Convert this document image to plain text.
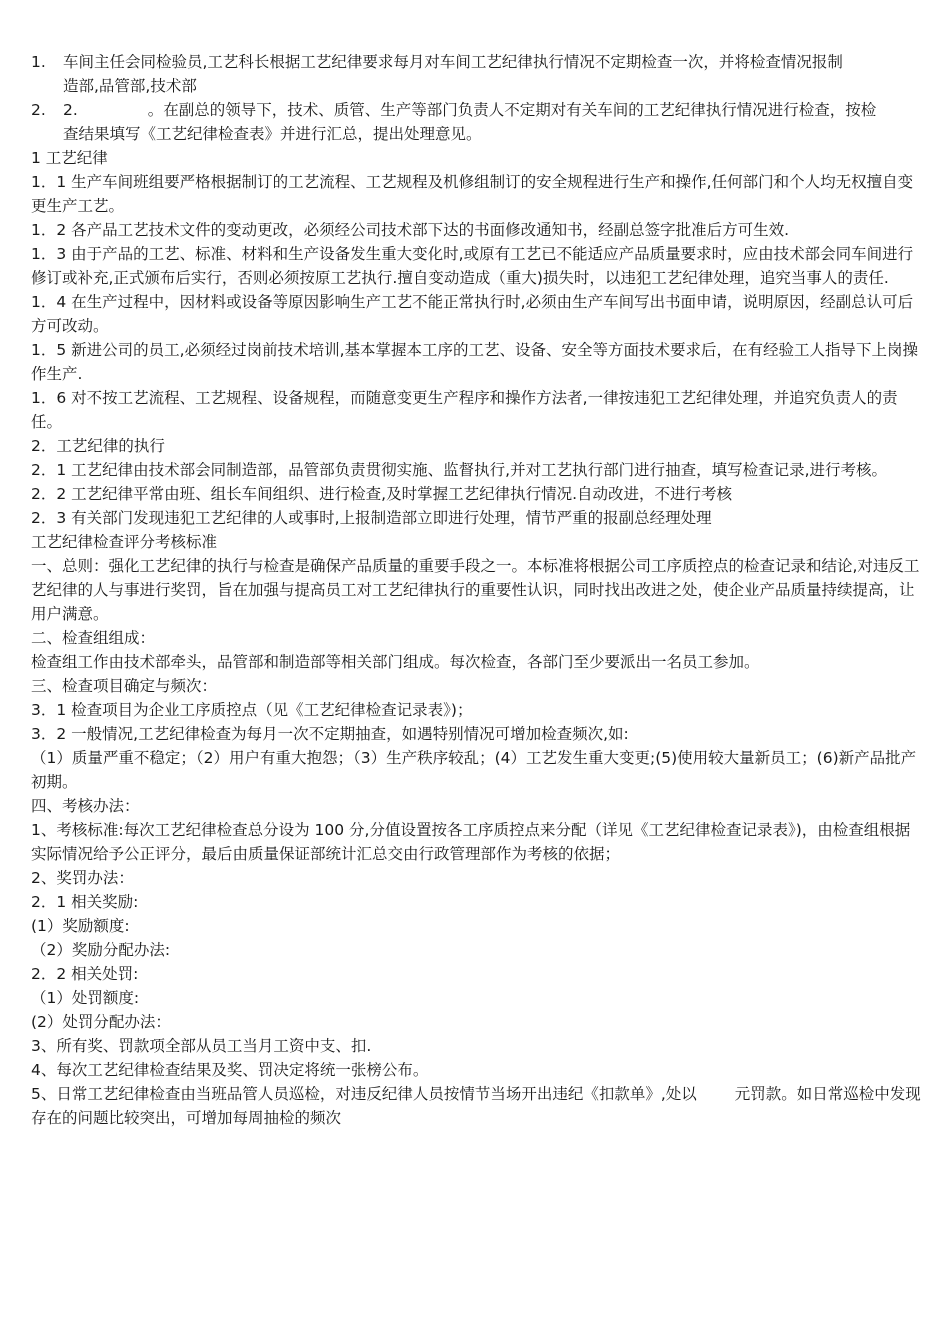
1. 车间主任会同检验员,工艺科长根据工艺纪律要求每月对车间工艺纪律执行情况不定期检查一次，并将检查情况报制
造部,品管部,技术部
2. 2.	。在副总的领导下，技术、质管、生产等部门负责人不定期对有关车间的工艺纪律执行情况进行检查，按检
查结果填写《工艺纪律检查表》并进行汇总，提出处理意见。
1 工艺纪律
1．1 生产车间班组要严格根据制订的工艺流程、工艺规程及机修组制订的安全规程进行生产和操作,任何部门和个人均无权擅自变更生产工艺。
1．2 各产品工艺技术文件的变动更改，必须经公司技术部下达的书面修改通知书，经副总签字批准后方可生效.
1．3 由于产品的工艺、标准、材料和生产设备发生重大变化时,或原有工艺已不能适应产品质量要求时，应由技术部会同车间进行修订或补充,正式颁布后实行，否则必须按原工艺执行.擅自变动造成（重大)损失时，以违犯工艺纪律处理，追究当事人的责任.
1．4 在生产过程中，因材料或设备等原因影响生产工艺不能正常执行时,必须由生产车间写出书面申请，说明原因，经副总认可后方可改动。
1．5 新进公司的员工,必须经过岗前技术培训,基本掌握本工序的工艺、设备、安全等方面技术要求后，在有经验工人指导下上岗操作生产.
1．6 对不按工艺流程、工艺规程、设备规程，而随意变更生产程序和操作方法者,一律按违犯工艺纪律处理，并追究负责人的责任。
2．工艺纪律的执行
2．1 工艺纪律由技术部会同制造部，品管部负责贯彻实施、监督执行,并对工艺执行部门进行抽查，填写检查记录,进行考核。
2．2 工艺纪律平常由班、组长车间组织、进行检查,及时掌握工艺纪律执行情况.自动改进，不进行考核
2．3 有关部门发现违犯工艺纪律的人或事时,上报制造部立即进行处理，情节严重的报副总经理处理
工艺纪律检查评分考核标准
一、总则：强化工艺纪律的执行与检查是确保产品质量的重要手段之一。本标准将根据公司工序质控点的检查记录和结论,对违反工艺纪律的人与事进行奖罚，旨在加强与提高员工对工艺纪律执行的重要性认识，同时找出改进之处，使企业产品质量持续提高，让用户满意。
二、检查组组成：
检查组工作由技术部牵头，品管部和制造部等相关部门组成。每次检查，各部门至少要派出一名员工参加。
三、检查项目确定与频次：
3．1 检查项目为企业工序质控点（见《工艺纪律检查记录表》)；
3．2 一般情况,工艺纪律检查为每月一次不定期抽查，如遇特别情况可增加检查频次,如:
（1）质量严重不稳定；（2）用户有重大抱怨；（3）生产秩序较乱；(4）工艺发生重大变更;(5)使用较大量新员工；(6)新产品批产初期。
四、考核办法：
1、考核标准:每次工艺纪律检查总分设为 100 分,分值设置按各工序质控点来分配（详见《工艺纪律检查记录表》)，由检查组根据实际情况给予公正评分，最后由质量保证部统计汇总交由行政管理部作为考核的依据；
2、奖罚办法：
2．1 相关奖励:
(1）奖励额度:
（2）奖励分配办法:
2．2 相关处罚:
（1）处罚额度:
(2）处罚分配办法：
3、所有奖、罚款项全部从员工当月工资中支、扣.
4、每次工艺纪律检查结果及奖、罚决定将统一张榜公布。
5、日常工艺纪律检查由当班品管人员巡检，对违反纪律人员按情节当场开出违纪《扣款单》,处以 元罚款。如日常巡检中发现存在的问题比较突出，可增加每周抽检的频次
